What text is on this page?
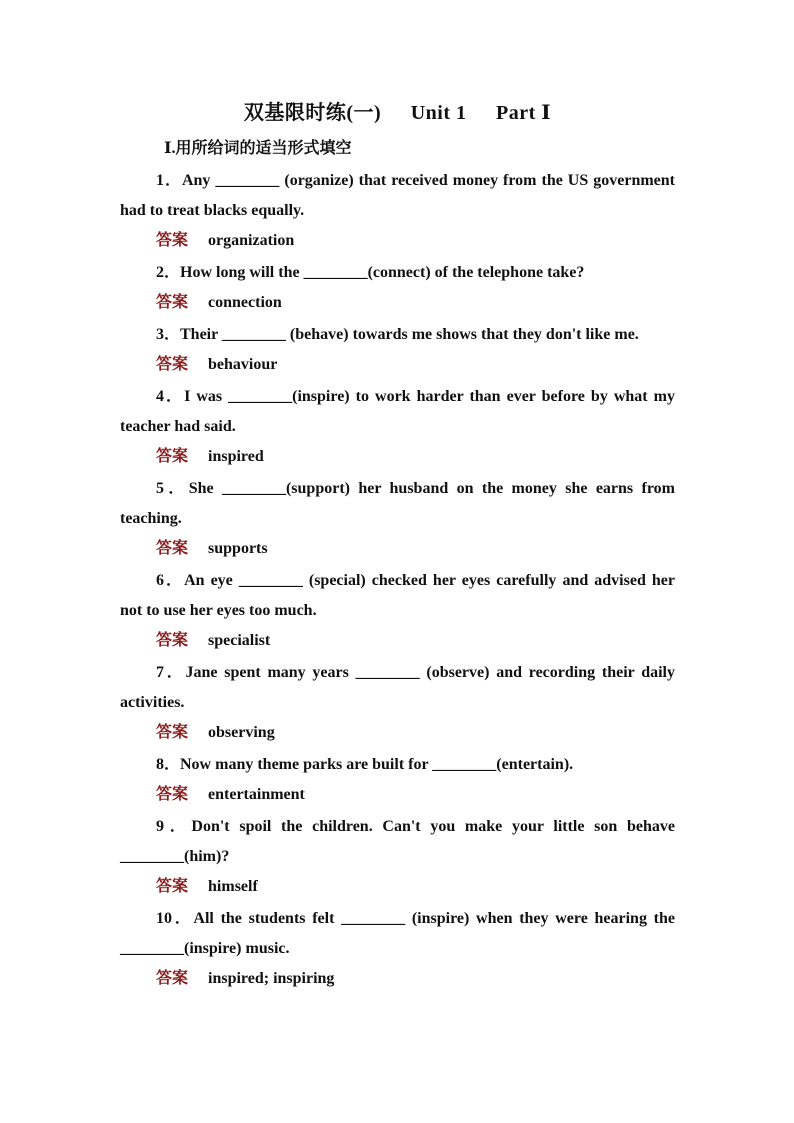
双基限时练(一) Unit 1 Part Ⅰ
Ⅰ.用所给词的适当形式填空

1．Any ________ (organize) that received money from the US government had to treat blacks equally.

答案 organization

2．How long will the ________(connect) of the telephone take?

答案 connection

3．Their ________ (behave) towards me shows that they don't like me.

答案 behaviour

4．I was ________(inspire) to work harder than ever before by what my teacher had said.

答案 inspired

5．She ________(support) her husband on the money she earns from teaching.

答案 supports

6．An eye ________ (special) checked her eyes carefully and advised her not to use her eyes too much.

答案 specialist

7．Jane spent many years ________ (observe) and recording their daily activities.

答案 observing

8．Now many theme parks are built for ________(entertain).

答案 entertainment

9．Don't spoil the children. Can't you make your little son behave ________(him)?

答案 himself

10．All the students felt ________ (inspire) when they were hearing the ________(inspire) music.

答案 inspired; inspiring
